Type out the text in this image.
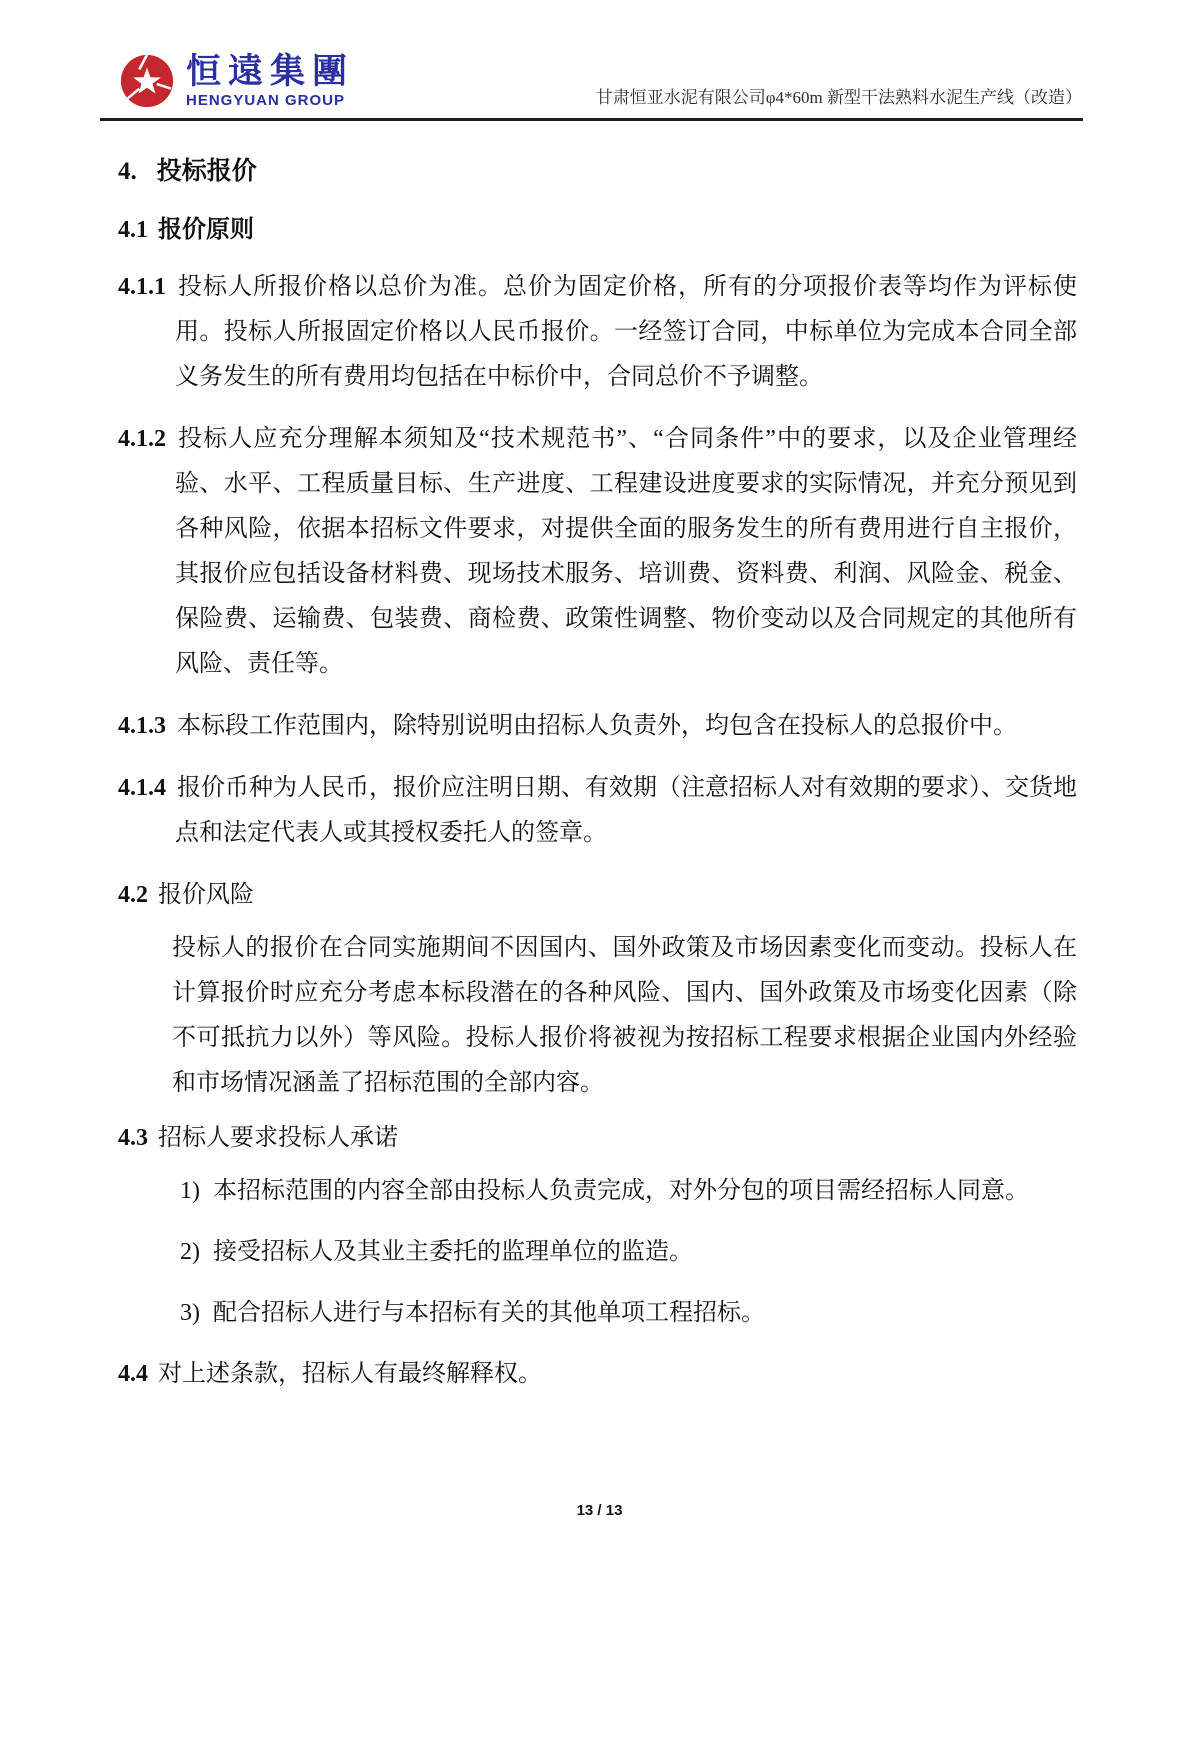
恒遠集團
HENGYUAN GROUP	甘肃恒亚水泥有限公司φ4*60m 新型干法熟料水泥生产线（改造）
4. 投标报价
4.1 报价原则

4.1.1 投标人所报价格以总价为准。总价为固定价格，所有的分项报价表等均作为评标使用。投标人所报固定价格以人民币报价。一经签订合同，中标单位为完成本合同全部义务发生的所有费用均包括在中标价中，合同总价不予调整。

4.1.2 投标人应充分理解本须知及“技术规范书”、“合同条件”中的要求，以及企业管理经验、水平、工程质量目标、生产进度、工程建设进度要求的实际情况，并充分预见到各种风险，依据本招标文件要求，对提供全面的服务发生的所有费用进行自主报价，其报价应包括设备材料费、现场技术服务、培训费、资料费、利润、风险金、税金、保险费、运输费、包装费、商检费、政策性调整、物价变动以及合同规定的其他所有风险、责任等。

4.1.3 本标段工作范围内，除特别说明由招标人负责外，均包含在投标人的总报价中。

4.1.4 报价币种为人民币，报价应注明日期、有效期（注意招标人对有效期的要求）、交货地点和法定代表人或其授权委托人的签章。

4.2 报价风险

投标人的报价在合同实施期间不因国内、国外政策及市场因素变化而变动。投标人在计算报价时应充分考虑本标段潜在的各种风险、国内、国外政策及市场变化因素（除不可抵抗力以外）等风险。投标人报价将被视为按招标工程要求根据企业国内外经验和市场情况涵盖了招标范围的全部内容。

4.3 招标人要求投标人承诺

1) 本招标范围的内容全部由投标人负责完成，对外分包的项目需经招标人同意。
2) 接受招标人及其业主委托的监理单位的监造。
3) 配合招标人进行与本招标有关的其他单项工程招标。

4.4 对上述条款，招标人有最终解释权。

13 / 13
